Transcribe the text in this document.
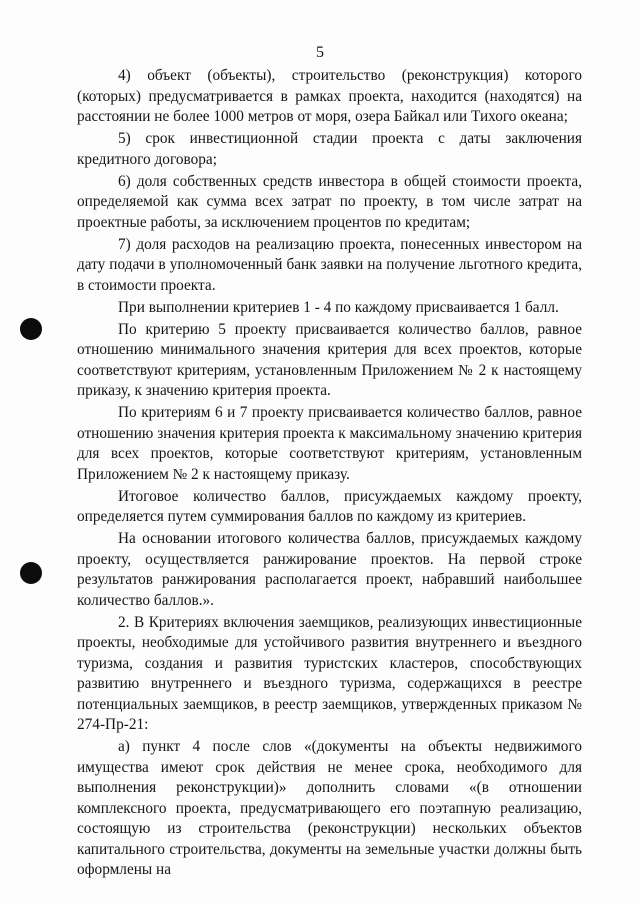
5

4) объект (объекты), строительство (реконструкция) которого (которых) предусматривается в рамках проекта, находится (находятся) на расстоянии не более 1000 метров от моря, озера Байкал или Тихого океана;

5) срок инвестиционной стадии проекта с даты заключения кредитного договора;

6) доля собственных средств инвестора в общей стоимости проекта, определяемой как сумма всех затрат по проекту, в том числе затрат на проектные работы, за исключением процентов по кредитам;

7) доля расходов на реализацию проекта, понесенных инвестором на дату подачи в уполномоченный банк заявки на получение льготного кредита, в стоимости проекта.

При выполнении критериев 1 - 4 по каждому присваивается 1 балл.

По критерию 5 проекту присваивается количество баллов, равное отношению минимального значения критерия для всех проектов, которые соответствуют критериям, установленным Приложением № 2 к настоящему приказу, к значению критерия проекта.

По критериям 6 и 7 проекту присваивается количество баллов, равное отношению значения критерия проекта к максимальному значению критерия для всех проектов, которые соответствуют критериям, установленным Приложением № 2 к настоящему приказу.

Итоговое количество баллов, присуждаемых каждому проекту, определяется путем суммирования баллов по каждому из критериев.

На основании итогового количества баллов, присуждаемых каждому проекту, осуществляется ранжирование проектов. На первой строке результатов ранжирования располагается проект, набравший наибольшее количество баллов.».

2. В Критериях включения заемщиков, реализующих инвестиционные проекты, необходимые для устойчивого развития внутреннего и въездного туризма, создания и развития туристских кластеров, способствующих развитию внутреннего и въездного туризма, содержащихся в реестре потенциальных заемщиков, в реестр заемщиков, утвержденных приказом № 274-Пр-21:

а) пункт 4 после слов «(документы на объекты недвижимого имущества имеют срок действия не менее срока, необходимого для выполнения реконструкции)» дополнить словами «(в отношении комплексного проекта, предусматривающего его поэтапную реализацию, состоящую из строительства (реконструкции) нескольких объектов капитального строительства, документы на земельные участки должны быть оформлены на
